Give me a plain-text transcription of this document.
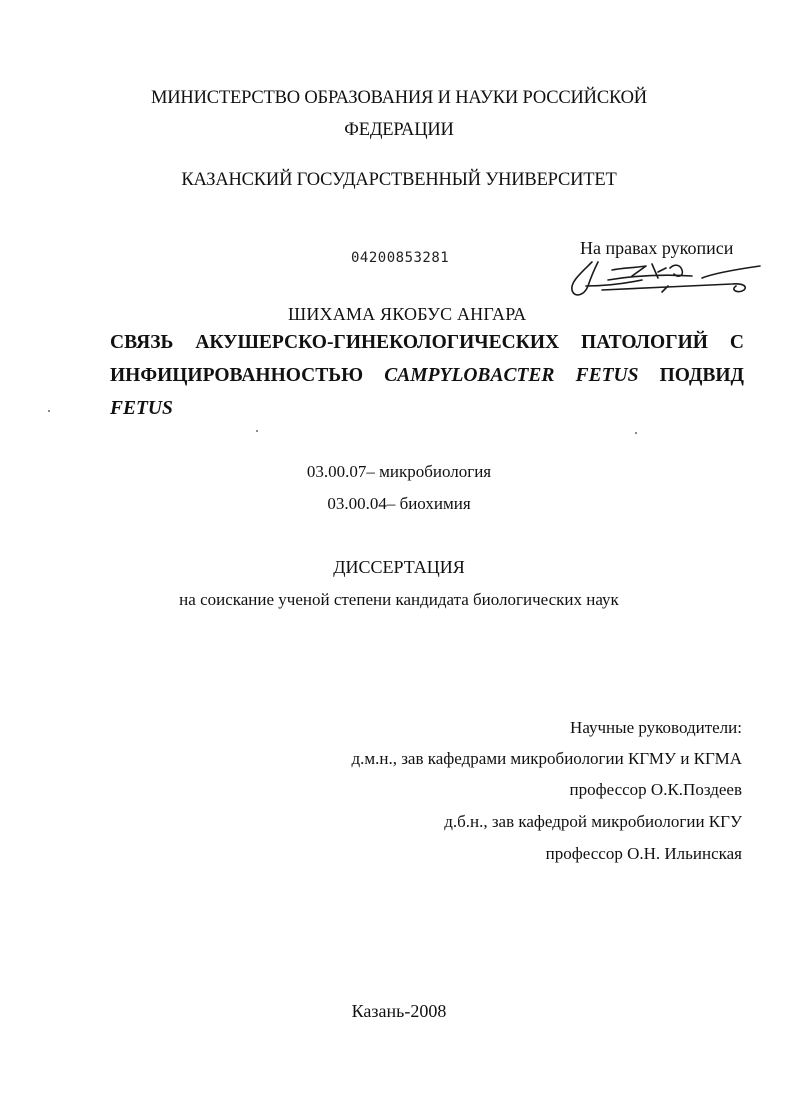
МИНИСТЕРСТВО ОБРАЗОВАНИЯ И НАУКИ РОССИЙСКОЙ
ФЕДЕРАЦИИ
КАЗАНСКИЙ ГОСУДАРСТВЕННЫЙ УНИВЕРСИТЕТ
04200853281	На правах рукописи
ШИХАМА ЯКОБУС АНГАРА
СВЯЗЬ АКУШЕРСКО-ГИНЕКОЛОГИЧЕСКИХ ПАТОЛОГИЙ С
ИНФИЦИРОВАННОСТЬЮ CAMPYLOBACTER FETUS ПОДВИД
FETUS
03.00.07– микробиология
03.00.04– биохимия
ДИССЕРТАЦИЯ
на соискание ученой степени кандидата биологических наук
Научные руководители:
д.м.н., зав кафедрами микробиологии КГМУ и КГМА
профессор О.К.Поздеев
д.б.н., зав кафедрой микробиологии КГУ
профессор О.Н. Ильинская
Казань-2008
